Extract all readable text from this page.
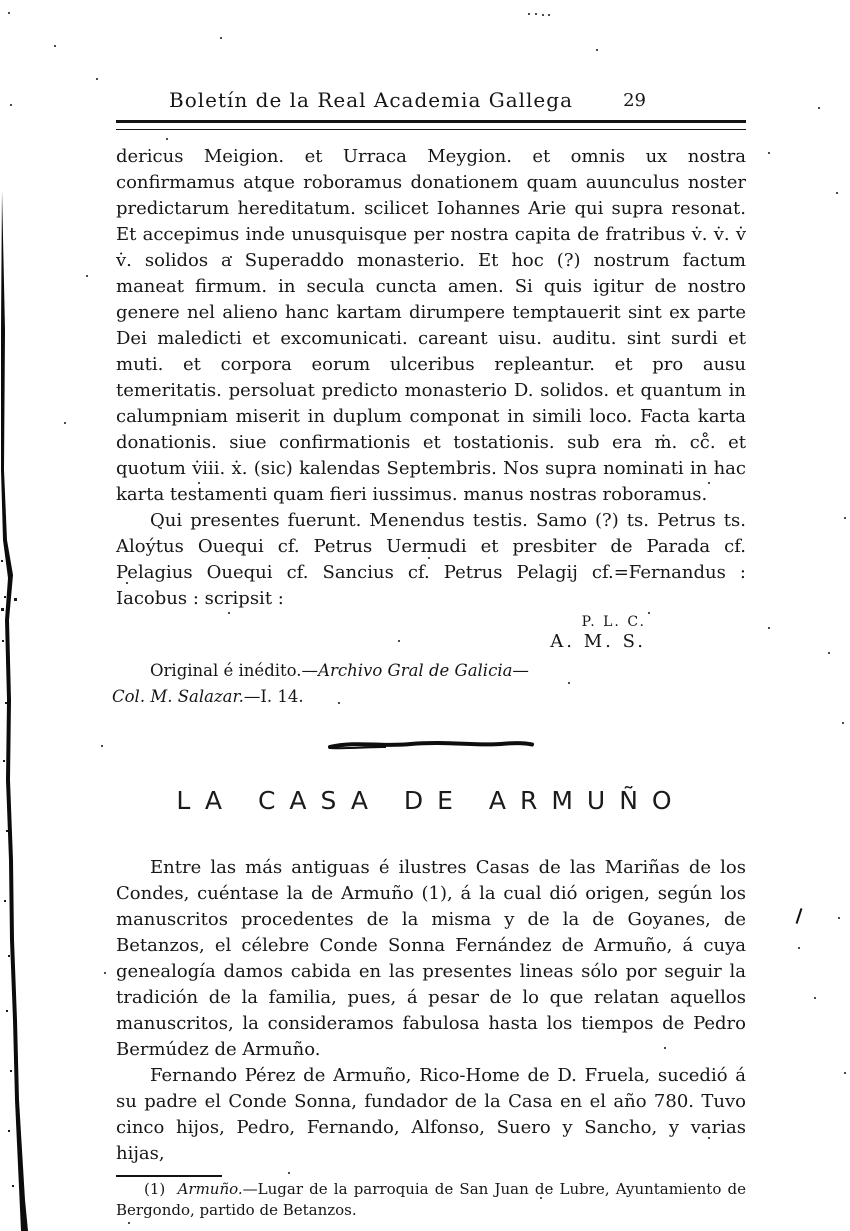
Boletín de la Real Academia Gallega	29

dericus Meigion. et Urraca Meygion. et omnis ux nostra confirmamus atque roboramus donationem quam auunculus noster predictarum hereditatum. scilicet Iohannes Arie qui supra resonat. Et accepimus inde unusquisque per nostra capita de fratribus v̇. v̇. v̇ v̇. solidos a Superaddo monasterio. Et hoc (?) nostrum factum maneat firmum. in secula cuncta amen. Si quis igitur de nostro genere nel alieno hanc kartam dirumpere temptauerit sint ex parte Dei maledicti et excomunicati. careant uisu. auditu. sint surdi et muti. et corpora eorum ulceribus repleantur. et pro ausu temeritatis. persoluat predicto monasterio D. solidos. et quantum in calumpniam miserit in duplum componat in simili loco. Facta karta donationis. siue confirmationis et tostationis. sub era ṁ. cc̊. et quotum v̇iii. ẋ. (sic) kalendas Septembris. Nos supra nominati in hac karta testamenti quam fieri iussimus. manus nostras roboramus.

Qui presentes fuerunt. Menendus testis. Samo (?) ts. Petrus ts. Aloýtus Ouequi cf. Petrus Uermudi et presbiter de Parada cf. Pelagius Ouequi cf. Sancius cf. Petrus Pelagij cf.=Fernandus : Iacobus : scripsit :

P. L. C.
A. M. S.
Original é inédito.—Archivo Gral de Galicia—
Col. M. Salazar.—I. 14.
LA CASA DE ARMUÑO

Entre las más antiguas é ilustres Casas de las Mariñas de los Condes, cuéntase la de Armuño (1), á la cual dió origen, según los manuscritos procedentes de la misma y de la de Goyanes, de Betanzos, el célebre Conde Sonna Fernández de Armuño, á cuya genealogía damos cabida en las presentes lineas sólo por seguir la tradición de la familia, pues, á pesar de lo que relatan aquellos manuscritos, la consideramos fabulosa hasta los tiempos de Pedro Bermúdez de Armuño.

Fernando Pérez de Armuño, Rico-Home de D. Fruela, sucedió á su padre el Conde Sonna, fundador de la Casa en el año 780. Tuvo cinco hijos, Pedro, Fernando, Alfonso, Suero y Sancho, y varias hijas,

(1) Armuño.—Lugar de la parroquia de San Juan de Lubre, Ayuntamiento de Bergondo, partido de Betanzos.
